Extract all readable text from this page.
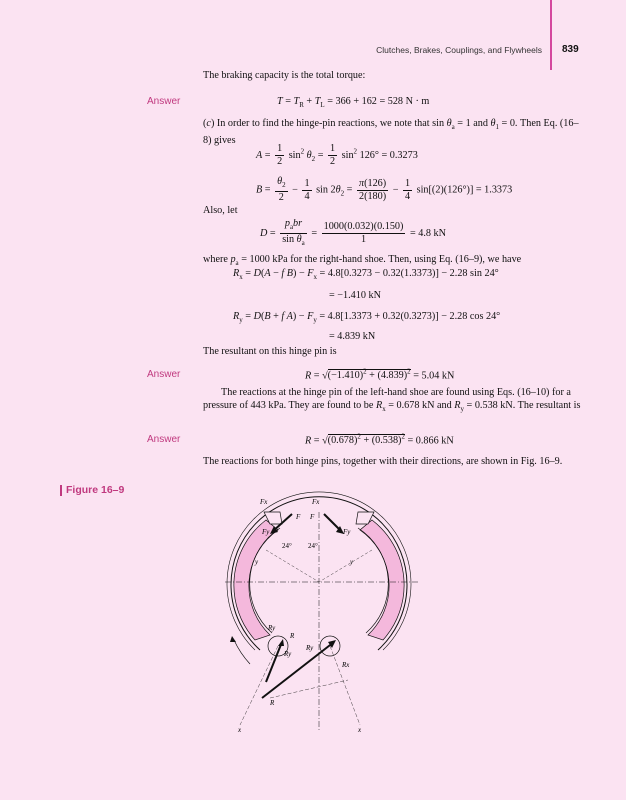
Clutches, Brakes, Couplings, and Flywheels 839
The braking capacity is the total torque:
Answer	$T = T_R + T_L = 366 + 162 = 528$ N · m
(c) In order to find the hinge-pin reactions, we note that $\sin \theta_a = 1$ and $\theta_1 = 0$. Then Eq. (16–8) gives
$A = \frac{1}{2} \sin^2 \theta_2 = \frac{1}{2} \sin^2 126^\circ = 0.3273$
$B = \frac{\theta_2}{2} - \frac{1}{4}$ $\sin 2\theta_2 = \frac{\pi(126)}{2(180)} - \frac{1}{4} \sin[(2)(126^\circ)] = 1.3373$
Also, let
$D = \frac{p_abr}{\sin \theta_a} = \frac{1000(0.032)(0.150)}{1} = 4.8$ kN
where $p_a = 1000$ kPa for the right-hand shoe. Then, using Eq. (16–9), we have
$R_x = D(A - f$ $B) - F_x = 4.8[0.3273 - 0.32(1.3373)] - 2.28$ sin 24°
= −1.410 kN
$R_y = D(B + f$ $A) - F_y = 4.8[1.3373 + 0.32(0.3273)] - 2.28$ cos 24°
= 4.839 kN
The resultant on this hinge pin is
Answer	$R = √(-1.410)^2 + (4.839)^2 = 5.04$ kN
The reactions at the hinge pin of the left-hand shoe are found using Eqs. (16–10) for a pressure of 443 kPa. They are found to be $R_x = 0.678$ kN and $R_y = 0.538$ kN. The resultant is
Answer	$R = √(0.678)^2 + (0.538)^2 = 0.866$ kN
The reactions for both hinge pins, together with their directions, are shown in Fig. 16–9.
Figure 16–9
Fx	Fx
F F
Fy	Fy
24° 24°
y	y
Ry
R
Ry
Ry
Rx
R
x	x
